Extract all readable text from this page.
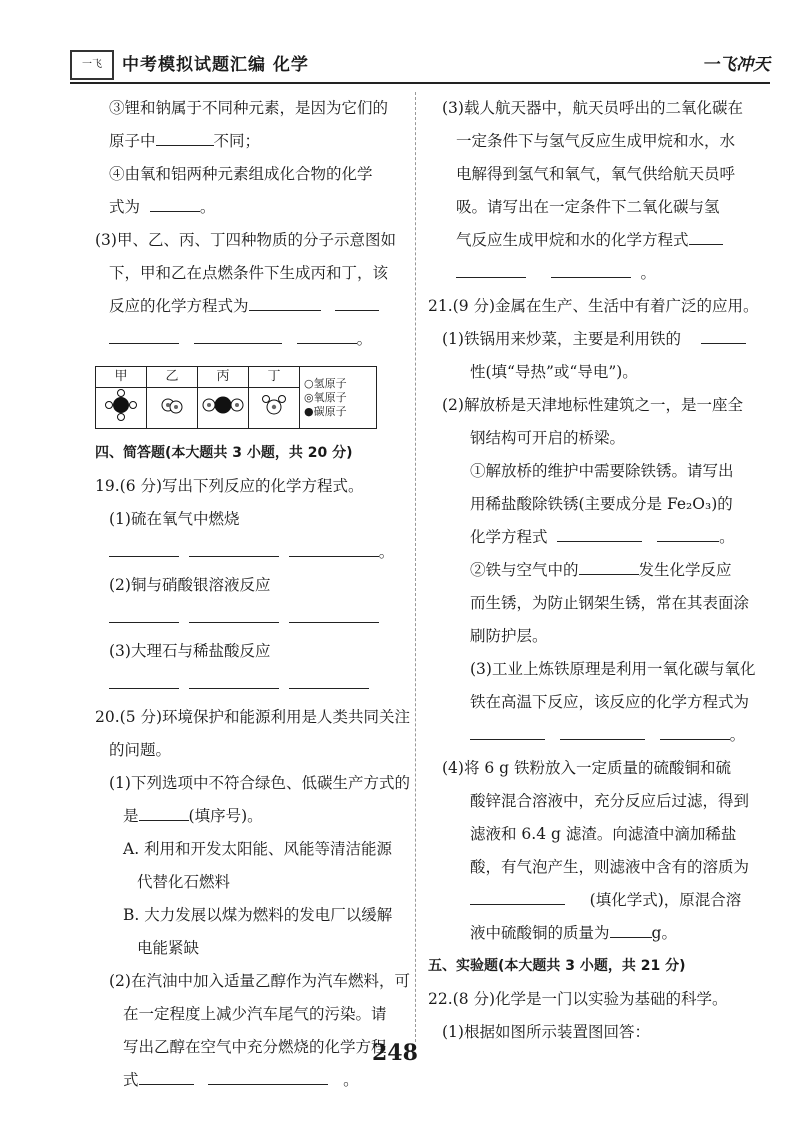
一飞	中考模拟试题汇编 化学	一飞冲天

③锂和钠属于不同种元素，是因为它们的

原子中	不同；

④由氧和铝两种元素组成化合物的化学

式为	。

(3)甲、乙、丙、丁四种物质的分子示意图如

下，甲和乙在点燃条件下生成丙和丁，该

反应的化学方程式为

。

甲	乙	丙	丁	○氢原子
◎氧原子
●碳原子

四、简答题(本大题共 3 小题，共 20 分)

19.(6 分)写出下列反应的化学方程式。

(1)硫在氧气中燃烧

。

(2)铜与硝酸银溶液反应

(3)大理石与稀盐酸反应

20.(5 分)环境保护和能源利用是人类共同关注

的问题。

(1)下列选项中不符合绿色、低碳生产方式的

是	(填序号)。

A. 利用和开发太阳能、风能等清洁能源

代替化石燃料

B. 大力发展以煤为燃料的发电厂以缓解

电能紧缺

(2)在汽油中加入适量乙醇作为汽车燃料，可

在一定程度上减少汽车尾气的污染。请

写出乙醇在空气中充分燃烧的化学方程

式	。

(3)载人航天器中，航天员呼出的二氧化碳在

一定条件下与氢气反应生成甲烷和水，水

电解得到氢气和氧气，氧气供给航天员呼

吸。请写出在一定条件下二氧化碳与氢

气反应生成甲烷和水的化学方程式

。

21.(9 分)金属在生产、生活中有着广泛的应用。

(1)铁锅用来炒菜，主要是利用铁的

性(填“导热”或“导电”)。

(2)解放桥是天津地标性建筑之一，是一座全

钢结构可开启的桥梁。

①解放桥的维护中需要除铁锈。请写出

用稀盐酸除铁锈(主要成分是 Fe₂O₃)的

化学方程式	。

②铁与空气中的	发生化学反应

而生锈，为防止钢架生锈，常在其表面涂

刷防护层。

(3)工业上炼铁原理是利用一氧化碳与氧化

铁在高温下反应，该反应的化学方程式为

。

(4)将 6 g 铁粉放入一定质量的硫酸铜和硫

酸锌混合溶液中，充分反应后过滤，得到

滤液和 6.4 g 滤渣。向滤渣中滴加稀盐

酸，有气泡产生，则滤液中含有的溶质为

(填化学式)，原混合溶

液中硫酸铜的质量为	g。

五、实验题(本大题共 3 小题，共 21 分)

22.(8 分)化学是一门以实验为基础的科学。

(1)根据如图所示装置图回答：

248
